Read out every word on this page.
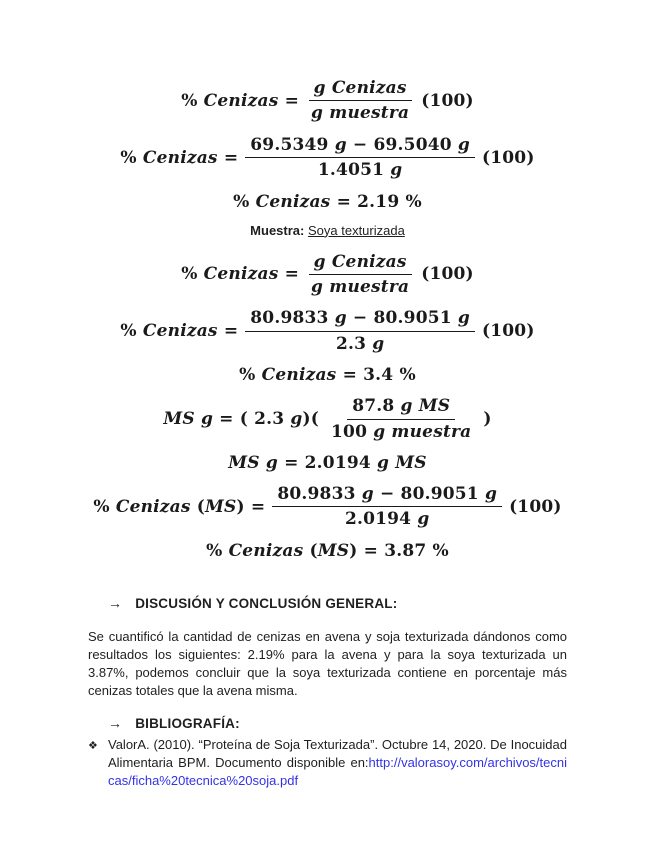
% Cenizas = $\frac{\text{g Cenizas}}{\text{g muestra}} (100)$
% Cenizas = $\frac{69.5349 g - 69.5040 g}{1.4051 g} (100)$
% Cenizas = 2.19 %
Muestra: Soya texturizada
% Cenizas = $\frac{\text{g Cenizas}}{\text{g muestra}} (100)$
% Cenizas = $\frac{80.9833 g - 80.9051 g}{2.3 g} (100)$
% Cenizas = 3.4 %
MS g = ( 2.3 $g)( \frac{\text{87.8 g MS}}{\text{100 g muestra}}$ )
MS g = 2.0194 g MS
% Cenizas $(MS) = \frac{80.9833 g - 80.9051 g}{2.0194 g} (100)$
% Cenizas (MS) = 3.87 %
→ DISCUSIÓN Y CONCLUSIÓN GENERAL:

Se cuantificó la cantidad de cenizas en avena y soja texturizada dándonos como resultados los siguientes: 2.19% para la avena y para la soya texturizada un 3.87%, podemos concluir que la soya texturizada contiene en porcentaje más cenizas totales que la avena misma.

→ BIBLIOGRAFÍA:
❖ ValorA. (2010). “Proteína de Soja Texturizada”. Octubre 14, 2020. De Inocuidad Alimentaria BPM. Documento disponible en:http://valorasoy.com/archivos/tecnicas/ficha%20tecnica%20soja.pdf
